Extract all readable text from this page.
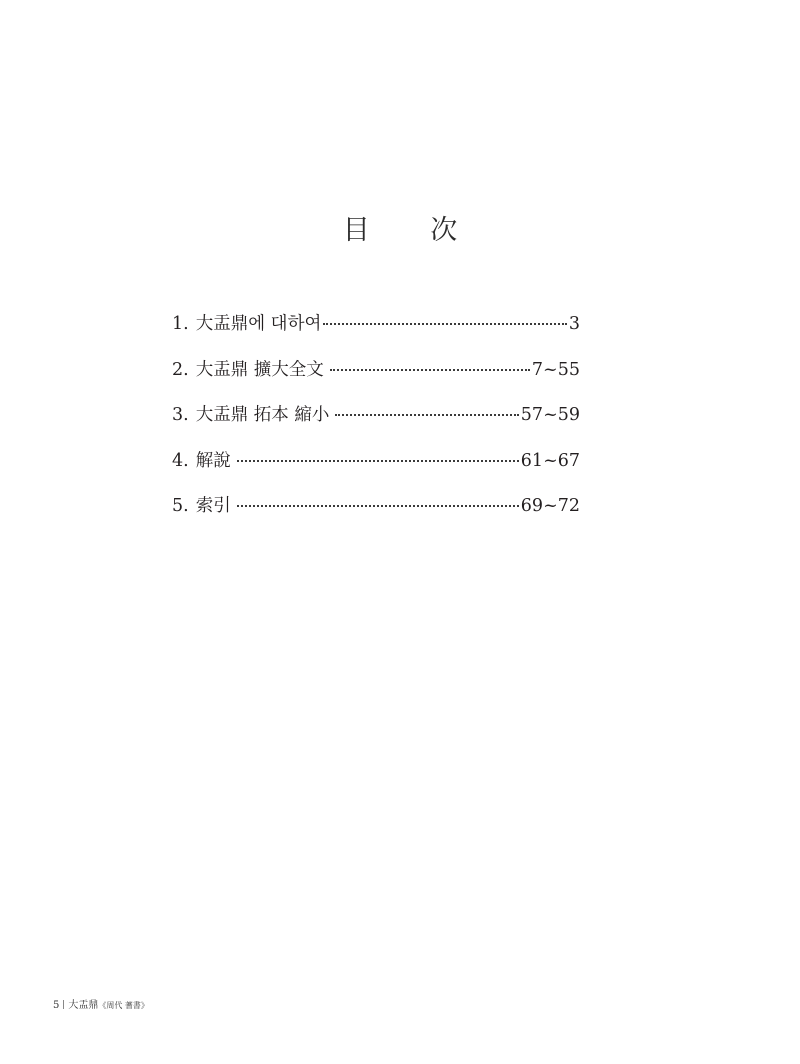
目 次
1. 大盂鼎에 대하여	3
2. 大盂鼎 擴大全文	7~55
3. 大盂鼎 拓本 縮小	57~59
4. 解說	61~67
5. 索引	69~72
5 大盂鼎《周代 蓍書》
